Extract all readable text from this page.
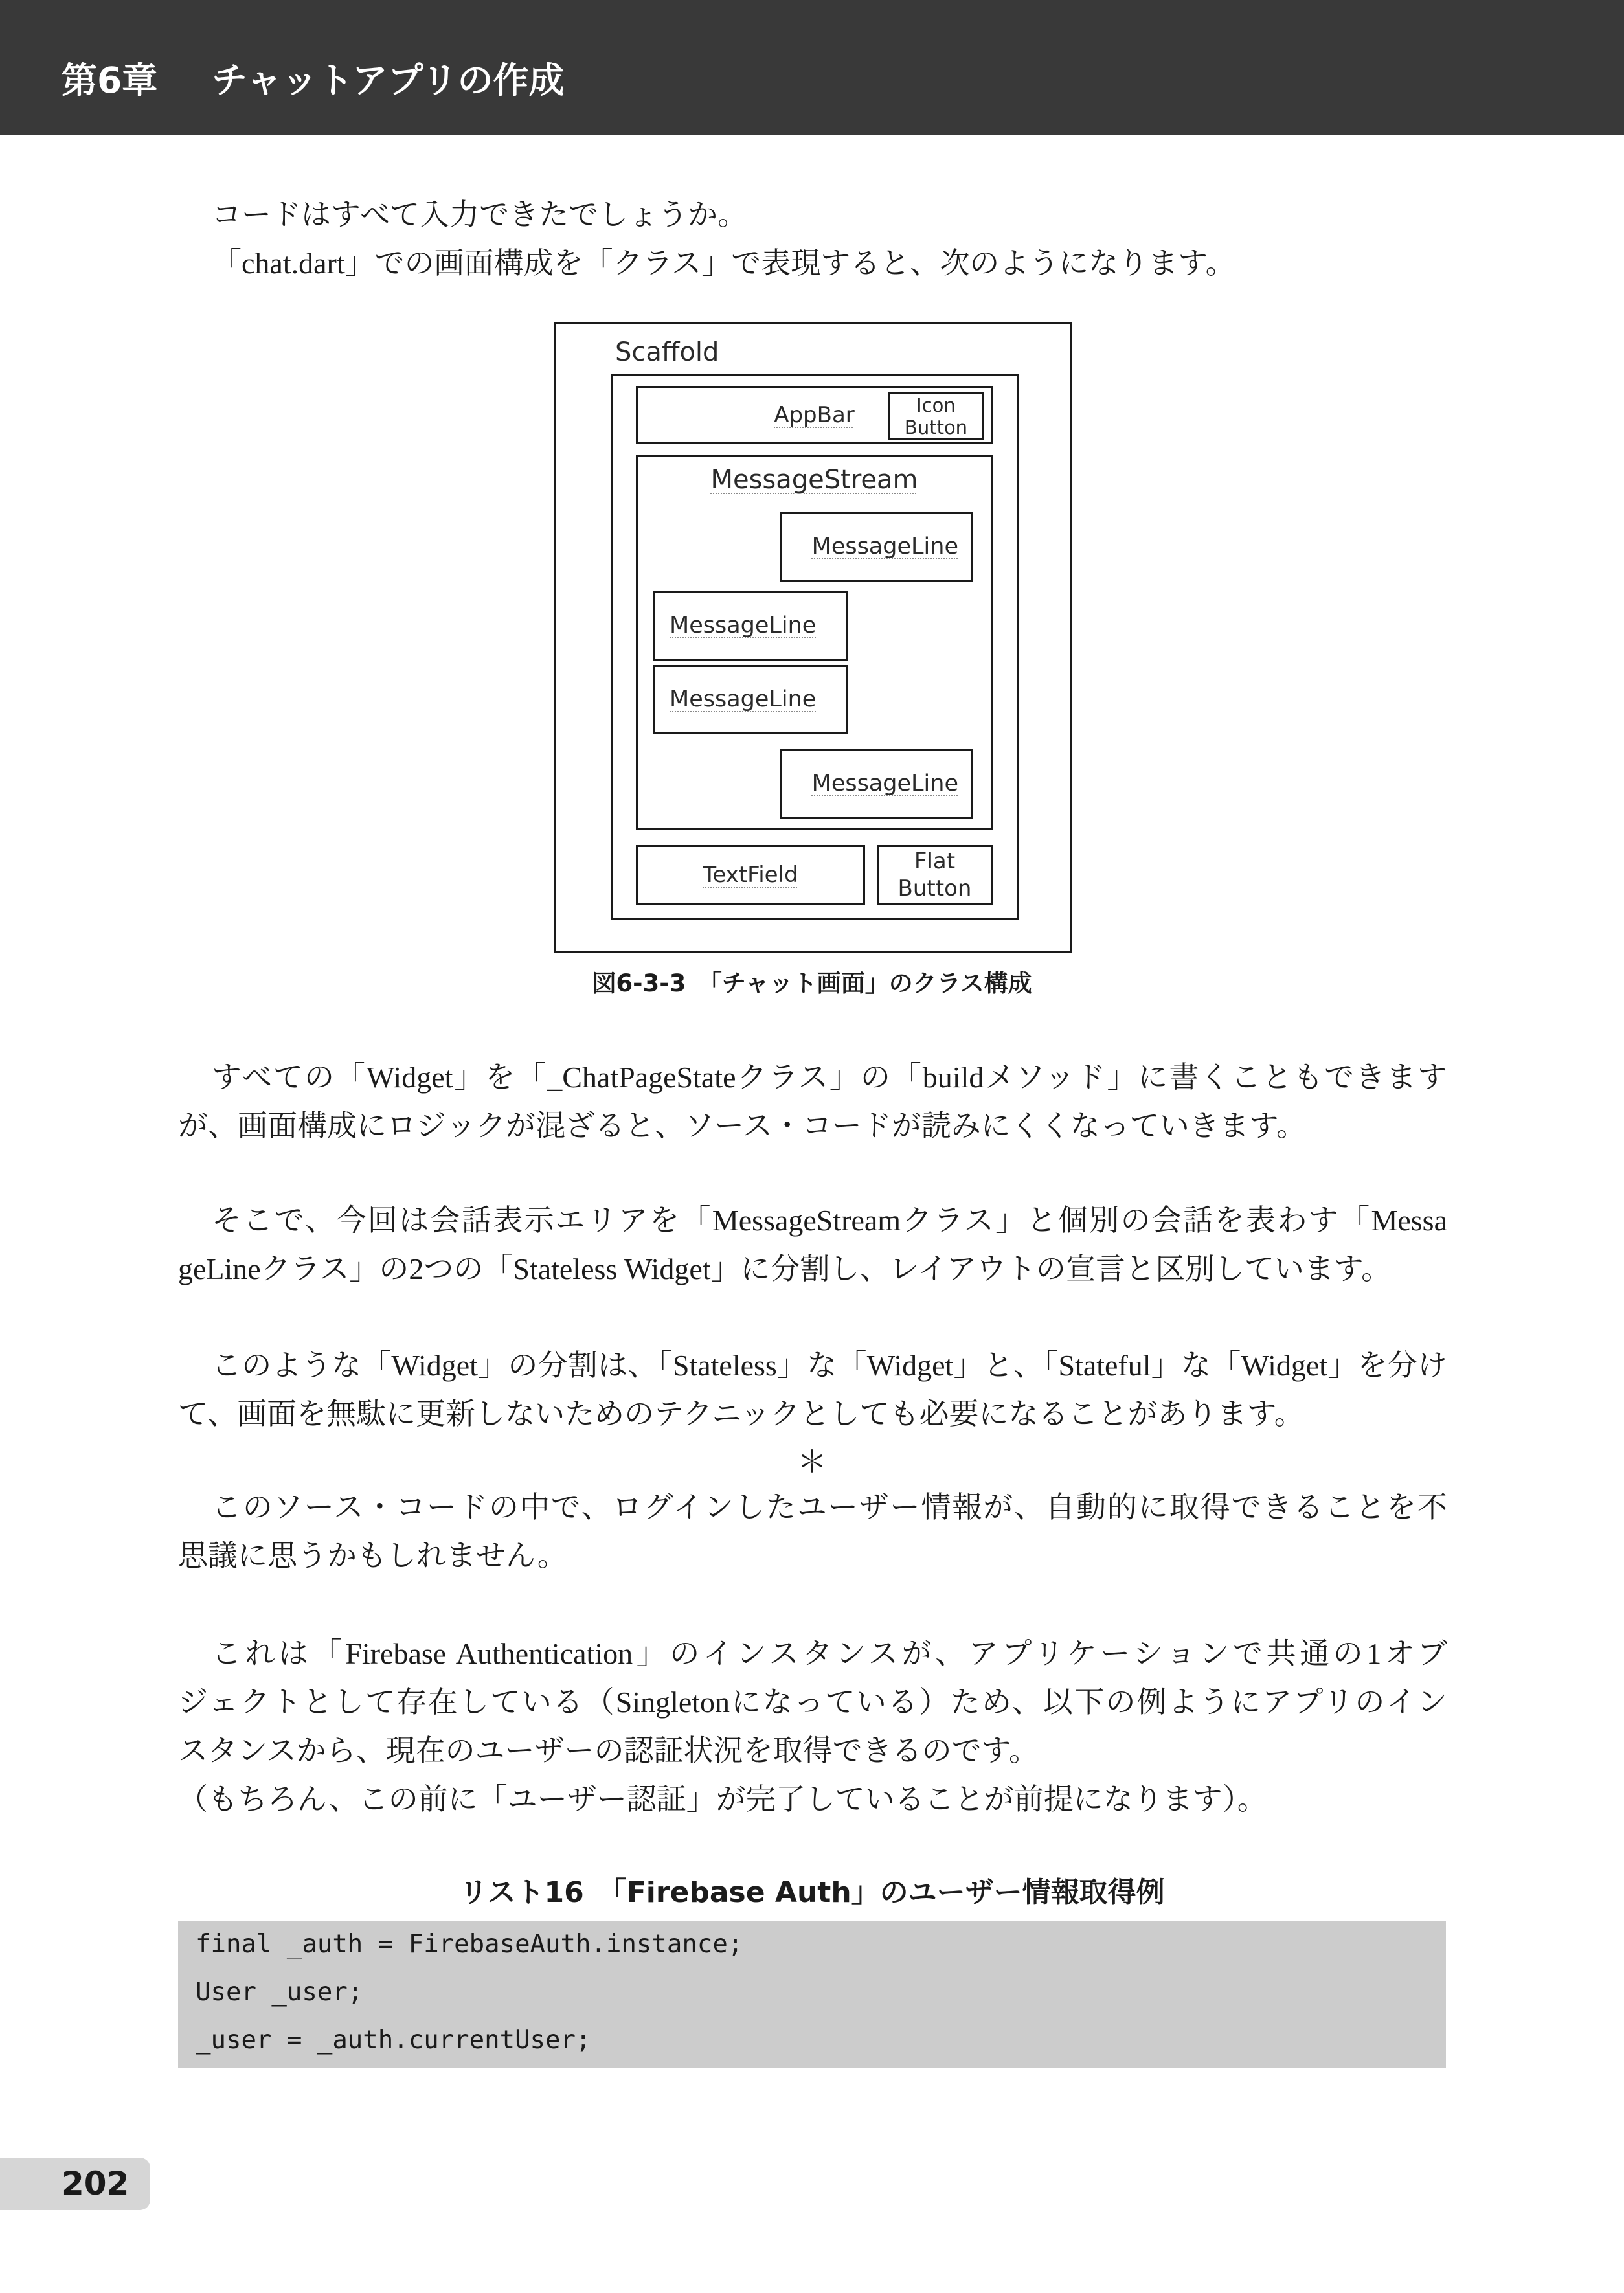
第6章 チャットアプリの作成
コードはすべて入力できたでしょうか。
「chat.dart」での画面構成を「クラス」で表現すると、次のようになります。
Scaffold
AppBar	Icon
Button
MessageStream
MessageLine
MessageLine
MessageLine
MessageLine
TextField
Flat
Button
図6-3-3　「チャット画面」のクラス構成
すべての「Widget」を「_ChatPageStateクラス」の「buildメソッド」に書くこともできます
が、画面構成にロジックが混ざると、ソース・コードが読みにくくなっていきます。
そこで、今回は会話表示エリアを「MessageStreamクラス」と個別の会話を表わす「Messa
geLineクラス」の2つの「Stateless Widget」に分割し、レイアウトの宣言と区別しています。
このような「Widget」の分割は、「Stateless」な「Widget」と、「Stateful」な「Widget」を分け
て、画面を無駄に更新しないためのテクニックとしても必要になることがあります。
＊
このソース・コードの中で、ログインしたユーザー情報が、自動的に取得できることを不
思議に思うかもしれません。
これは「Firebase Authentication」のインスタンスが、アプリケーションで共通の1オブ
ジェクトとして存在している（Singletonになっている）ため、以下の例ようにアプリのイン
スタンスから、現在のユーザーの認証状況を取得できるのです。
（もちろん、この前に「ユーザー認証」が完了していることが前提になります）。
リスト16　「Firebase Auth」のユーザー情報取得例
final _auth = FirebaseAuth.instance;
User _user;
_user = _auth.currentUser;
202
